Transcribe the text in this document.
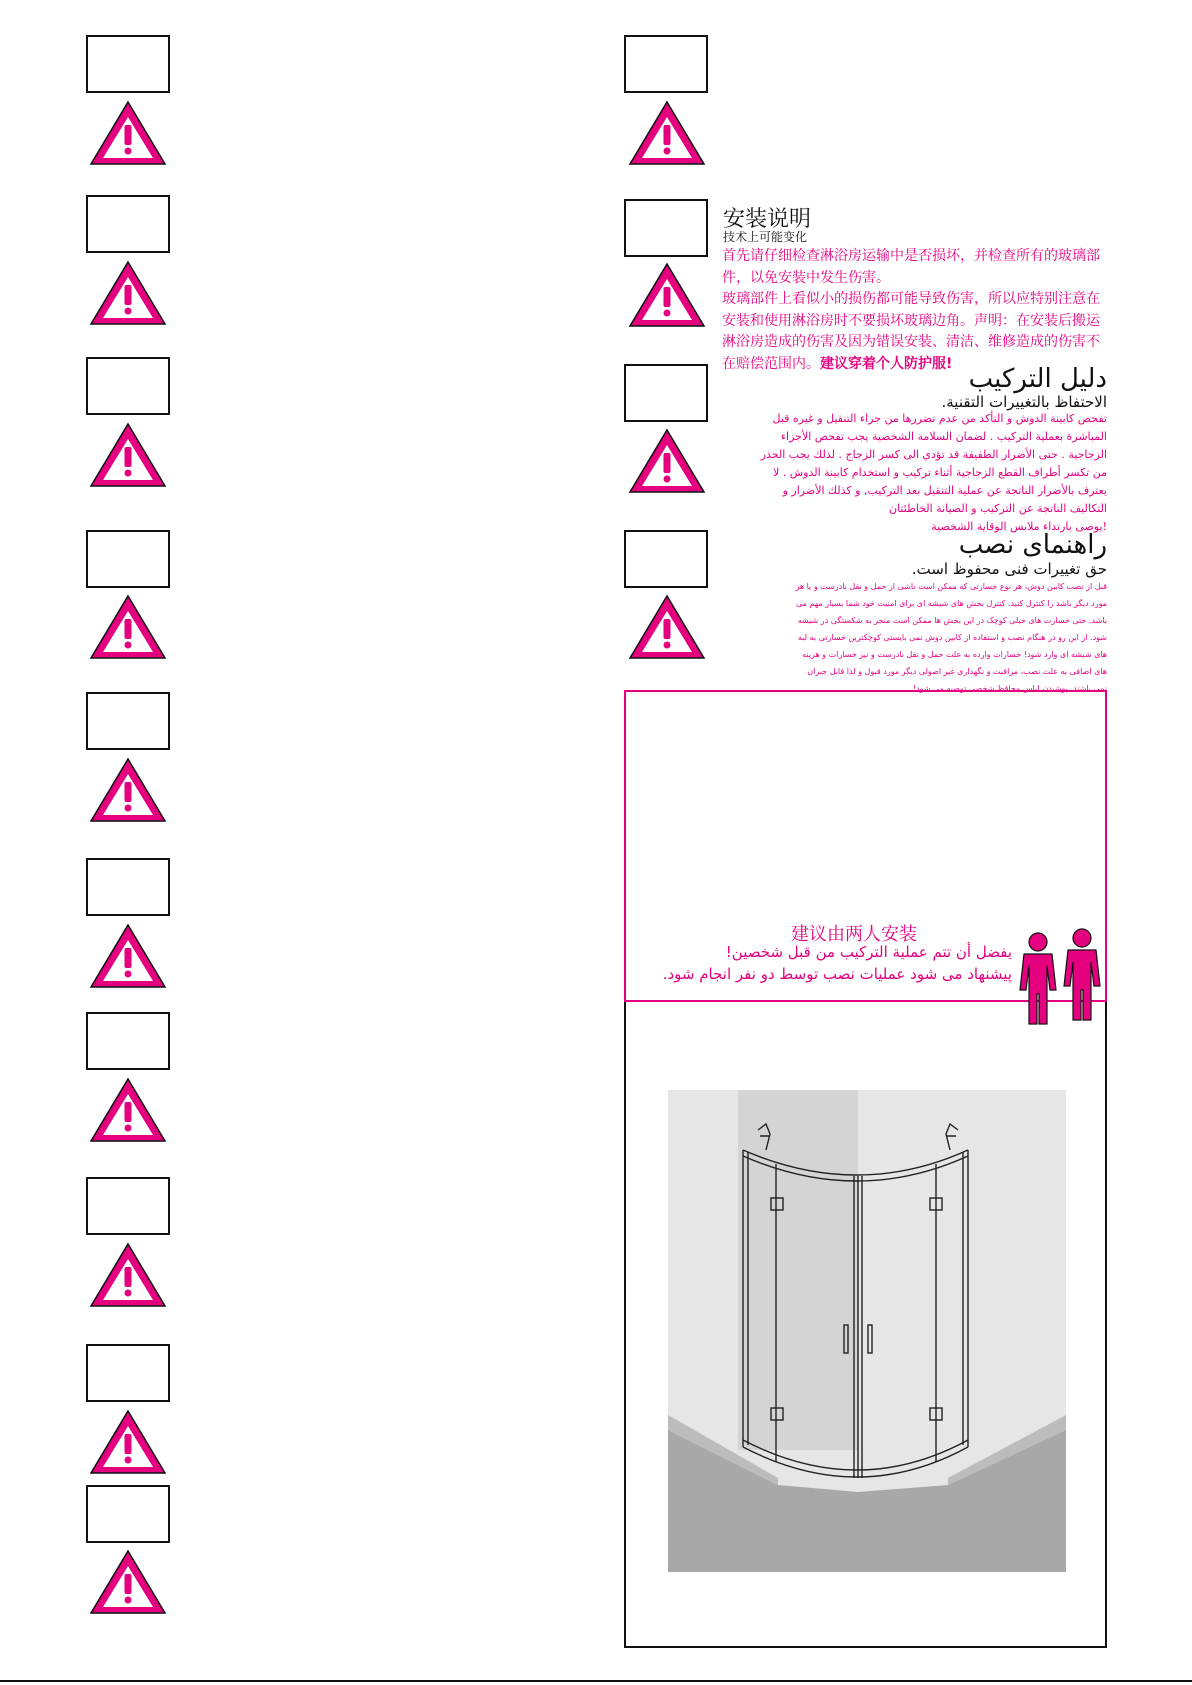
安装说明
技术上可能变化

首先请仔细检查淋浴房运输中是否损坏，并检查所有的玻璃部件，以免安装中发生伤害。

玻璃部件上看似小的损伤都可能导致伤害，所以应特别注意在安装和使用淋浴房时不要损坏玻璃边角。声明：在安装后搬运淋浴房造成的伤害及因为错误安装、清洁、维修造成的伤害不在赔偿范围内。建议穿着个人防护服!

دليل التركيب
الاحتفاظ بالتغييرات التقنية.

تفحص كابينة الدوش و التأكد من عدم تضررها من جراء التنقيل و غيره قبل

المباشرة بعملية التركيب . لضمان السلامة الشخصية يجب تفحص الأجزاء

الزجاجية . حتى الأضرار الطفيفة قد تؤدي الى كسر الزجاج . لذلك يجب الحذر

من تكسر أطراف القطع الزجاجية أثناء تركيب و استخدام كابينة الدوش . لا

يعترف بالأضرار الناتجة عن عملية التنقيل بعد التركيب, و كذلك الأضرار و

التكاليف الناتجة عن التركيب و الصيانة الخاطئتان

!يوصى بارتداء ملابس الوقاية الشخصية

راهنمای نصب
حق تغییرات فنی محفوظ است.

قبل از نصب کابین دوش، هر نوع خسارتی که ممکن است ناشی از حمل و نقل نادرست و یا هر

مورد دیگر باشد را کنترل کنید. کنترل بخش های شیشه ای برای امنیت خود شما بسیار مهم می

باشد. حتی خسارت های خیلی کوچک در این بخش ها ممکن است منجر به شکستگی در شیشه

شود. از این رو در هنگام نصب و استفاده از کابین دوش نمی بایستی کوچکترین خسارتی به لبه

های شیشه ای وارد شود! خسارات وارده به علت حمل و نقل نادرست و نیز خسارات و هزینه

های اضافی به علت نصب، مراقبت و نگهداری غیر اصولی دیگر مورد قبول و لذا قابل جبران

نمی باشند. پوشیدن لباس محافظ شخصی توصیه می شود!

建议由两人安装
يفضل أن تتم عملية التركيب من قبل شخصين!
پیشنهاد می شود عملیات نصب توسط دو نفر انجام شود.
